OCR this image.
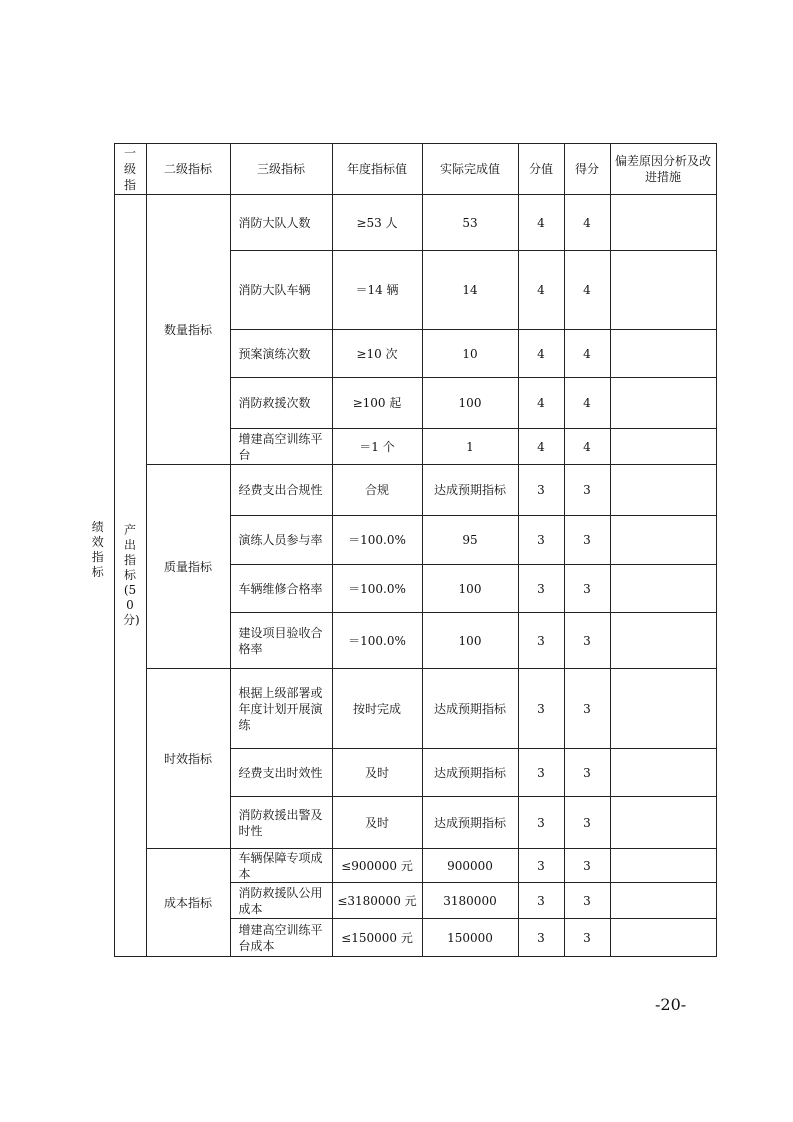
绩效指标	一级指	二级指标	三级指标	年度指标值	实际完成值	分值	得分	偏差原因分析及改进措施
	产出指标(50分)	数量指标	消防大队人数	≥53 人	53	4	4	
			消防大队车辆	＝14 辆	14	4	4	
			预案演练次数	≥10 次	10	4	4	
			消防救援次数	≥100 起	100	4	4	
			增建高空训练平台	＝1 个	1	4	4	
		质量指标	经费支出合规性	合规	达成预期指标	3	3	
			演练人员参与率	＝100.0%	95	3	3	
			车辆维修合格率	＝100.0%	100	3	3	
			建设项目验收合格率	＝100.0%	100	3	3	
		时效指标	根据上级部署或年度计划开展演练	按时完成	达成预期指标	3	3	
			经费支出时效性	及时	达成预期指标	3	3	
			消防救援出警及时性	及时	达成预期指标	3	3	
		成本指标	车辆保障专项成本	≤900000 元	900000	3	3	
			消防救援队公用成本	≤3180000 元	3180000	3	3	
			增建高空训练平台成本	≤150000 元	150000	3	3	
-20-
